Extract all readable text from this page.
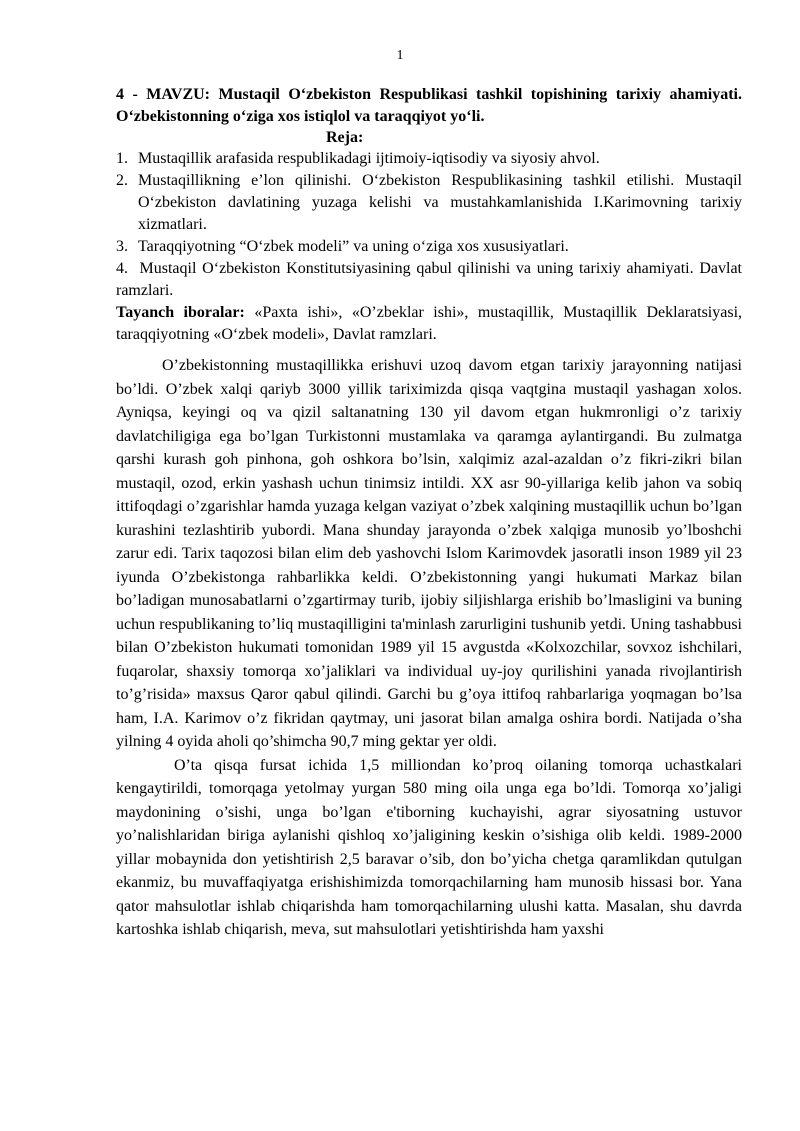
1

4 - MAVZU: Mustaqil O‘zbekiston Respublikasi tashkil topishining tarixiy ahamiyati. O‘zbekistonning o‘ziga xos istiqlol va taraqqiyot yo‘li.

Reja:

1. Mustaqillik arafasida respublikadagi ijtimoiy-iqtisodiy va siyosiy ahvol.
2. Mustaqillikning e’lon qilinishi. O‘zbekiston Respublikasining tashkil etilishi. Mustaqil O‘zbekiston davlatining yuzaga kelishi va mustahkamlanishida I.Karimovning tarixiy xizmatlari.
3. Taraqqiyotning “O‘zbek modeli” va uning o‘ziga xos xususiyatlari.
4. Mustaqil O‘zbekiston Konstitutsiyasining qabul qilinishi va uning tarixiy ahamiyati. Davlat ramzlari.

Tayanch iboralar: «Paxta ishi», «O’zbeklar ishi», mustaqillik, Mustaqillik Deklaratsiyasi, taraqqiyotning «O‘zbek modeli», Davlat ramzlari.

O’zbekistonning mustaqillikka erishuvi uzoq davom etgan tarixiy jarayonning natijasi bo’ldi. O’zbek xalqi qariyb 3000 yillik tariximizda qisqa vaqtgina mustaqil yashagan xolos. Ayniqsa, keyingi oq va qizil saltanatning 130 yil davom etgan hukmronligi o’z tarixiy davlatchiligiga ega bo’lgan Turkistonni mustamlaka va qaramga aylantirgandi. Bu zulmatga qarshi kurash goh pinhona, goh oshkora bo’lsin, xalqimiz azal-azaldan o’z fikri-zikri bilan mustaqil, ozod, erkin yashash uchun tinimsiz intildi. XX asr 90-yillariga kelib jahon va sobiq ittifoqdagi o’zgarishlar hamda yuzaga kelgan vaziyat o’zbek xalqining mustaqillik uchun bo’lgan kurashini tezlashtirib yubordi. Mana shunday jarayonda o’zbek xalqiga munosib yo’lboshchi zarur edi. Tarix taqozosi bilan elim deb yashovchi Islom Karimovdek jasoratli inson 1989 yil 23 iyunda O’zbekistonga rahbarlikka keldi. O’zbekistonning yangi hukumati Markaz bilan bo’ladigan munosabatlarni o’zgartirmay turib, ijobiy siljishlarga erishib bo’lmasligini va buning uchun respublikaning to’liq mustaqilligini ta'minlash zarurligini tushunib yetdi. Uning tashabbusi bilan O’zbekiston hukumati tomonidan 1989 yil 15 avgustda «Kolxozchilar, sovxoz ishchilari, fuqarolar, shaxsiy tomorqa xo’jaliklari va individual uy-joy qurilishini yanada rivojlantirish to’g’risida» maxsus Qaror qabul qilindi. Garchi bu g’oya ittifoq rahbarlariga yoqmagan bo’lsa ham, I.A. Karimov o’z fikridan qaytmay, uni jasorat bilan amalga oshira bordi. Natijada o’sha yilning 4 oyida aholi qo’shimcha 90,7 ming gektar yer oldi.

O’ta qisqa fursat ichida 1,5 milliondan ko’proq oilaning tomorqa uchastkalari kengaytirildi, tomorqaga yetolmay yurgan 580 ming oila unga ega bo’ldi. Tomorqa xo’jaligi maydonining o’sishi, unga bo’lgan e'tiborning kuchayishi, agrar siyosatning ustuvor yo’nalishlaridan biriga aylanishi qishloq xo’jaligining keskin o’sishiga olib keldi. 1989-2000 yillar mobaynida don yetishtirish 2,5 baravar o’sib, don bo’yicha chetga qaramlikdan qutulgan ekanmiz, bu muvaffaqiyatga erishishimizda tomorqachilarning ham munosib hissasi bor. Yana qator mahsulotlar ishlab chiqarishda ham tomorqachilarning ulushi katta. Masalan, shu davrda kartoshka ishlab chiqarish, meva, sut mahsulotlari yetishtirishda ham yaxshi
